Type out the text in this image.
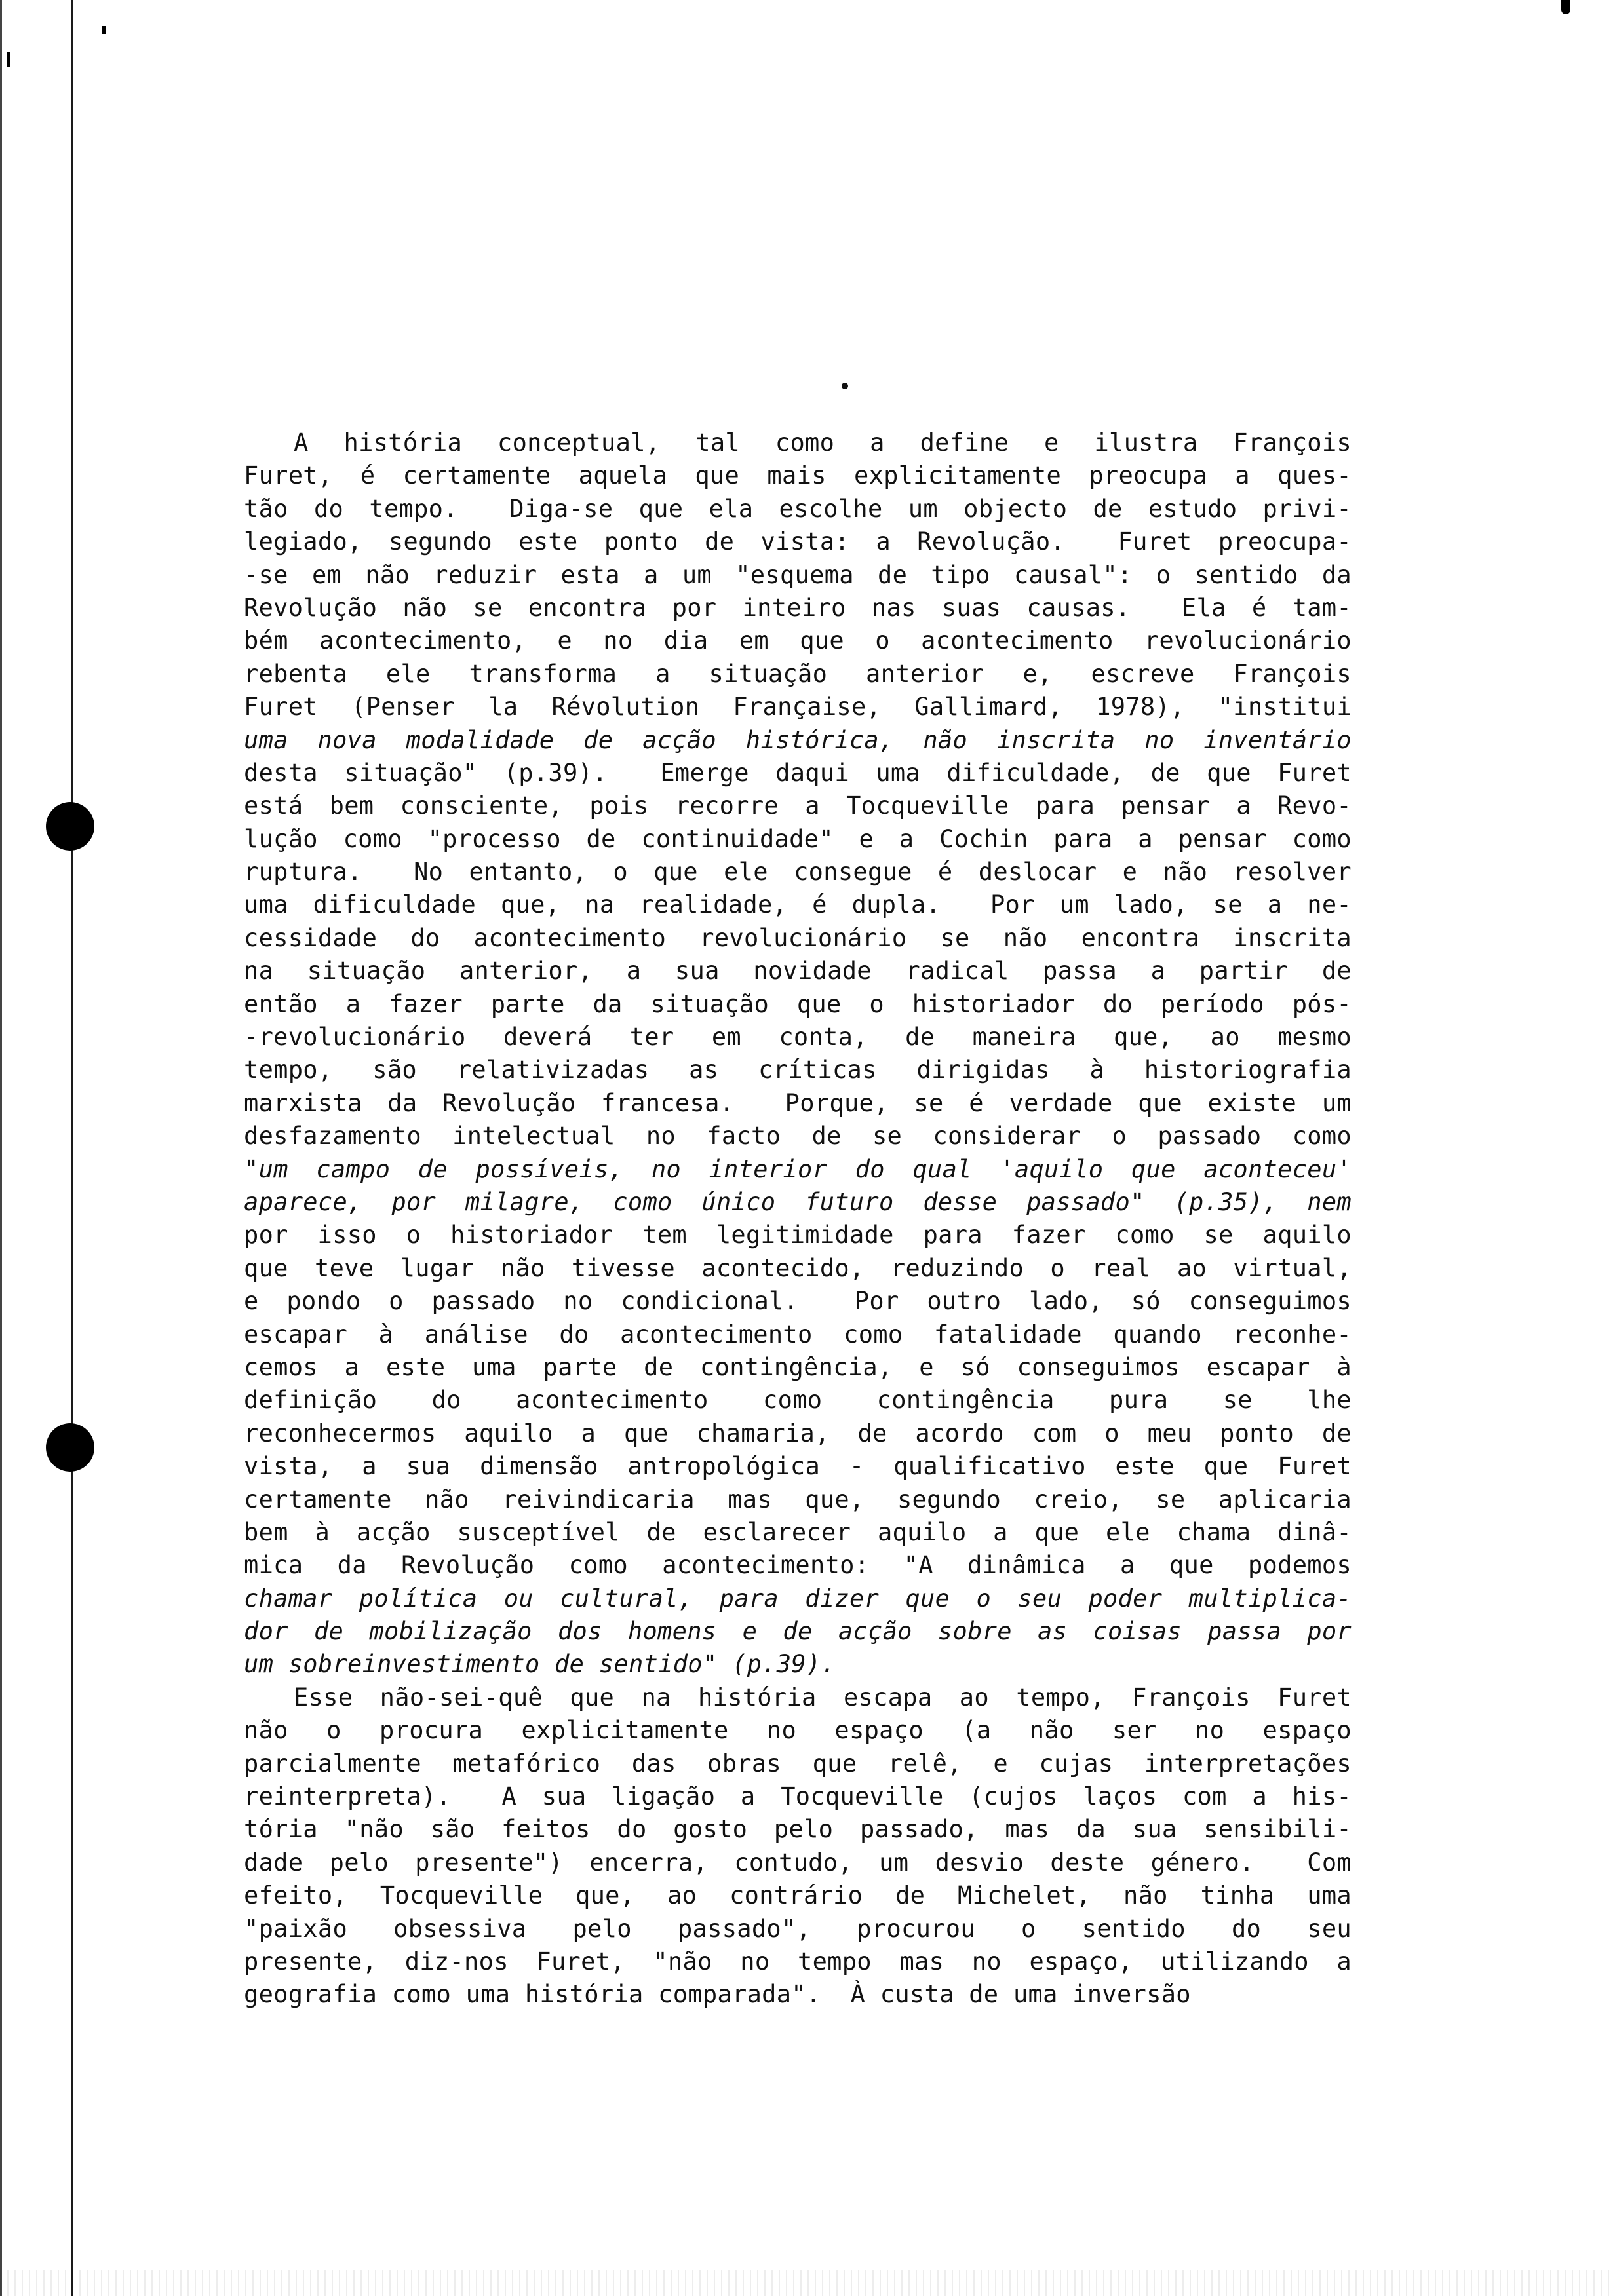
A história conceptual, tal como a define e ilustra François
Furet, é certamente aquela que mais explicitamente preocupa a ques-
tão do tempo.  Diga-se que ela escolhe um objecto de estudo privi-
legiado, segundo este ponto de vista: a Revolução.  Furet preocupa-
-se em não reduzir esta a um "esquema de tipo causal": o sentido da
Revolução não se encontra por inteiro nas suas causas.  Ela é tam-
bém acontecimento, e no dia em que o acontecimento revolucionário
rebenta ele transforma a situação anterior e, escreve François
Furet (Penser la Révolution Française, Gallimard, 1978), "institui
uma nova modalidade de acção histórica, não inscrita no inventário
desta situação" (p.39).  Emerge daqui uma dificuldade, de que Furet
está bem consciente, pois recorre a Tocqueville para pensar a Revo-
lução como "processo de continuidade" e a Cochin para a pensar como
ruptura.  No entanto, o que ele consegue é deslocar e não resolver
uma dificuldade que, na realidade, é dupla.  Por um lado, se a ne-
cessidade do acontecimento revolucionário se não encontra inscrita
na situação anterior, a sua novidade radical passa a partir de
então a fazer parte da situação que o historiador do período pós-
-revolucionário deverá ter em conta, de maneira que, ao mesmo
tempo, são relativizadas as críticas dirigidas à historiografia
marxista da Revolução francesa.  Porque, se é verdade que existe um
desfazamento intelectual no facto de se considerar o passado como
"um campo de possíveis, no interior do qual 'aquilo que aconteceu'
aparece, por milagre, como único futuro desse passado" (p.35), nem
por isso o historiador tem legitimidade para fazer como se aquilo
que teve lugar não tivesse acontecido, reduzindo o real ao virtual,
e pondo o passado no condicional.  Por outro lado, só conseguimos
escapar à análise do acontecimento como fatalidade quando reconhe-
cemos a este uma parte de contingência, e só conseguimos escapar à
definição do acontecimento como contingência pura se lhe
reconhecermos aquilo a que chamaria, de acordo com o meu ponto de
vista, a sua dimensão antropológica - qualificativo este que Furet
certamente não reivindicaria mas que, segundo creio, se aplicaria
bem à acção susceptível de esclarecer aquilo a que ele chama dinâ-
mica da Revolução como acontecimento: "A dinâmica a que podemos
chamar política ou cultural, para dizer que o seu poder multiplica-
dor de mobilização dos homens e de acção sobre as coisas passa por
um sobreinvestimento de sentido" (p.39).
Esse não-sei-quê que na história escapa ao tempo, François Furet
não o procura explicitamente no espaço (a não ser no espaço
parcialmente metafórico das obras que relê, e cujas interpretações
reinterpreta).  A sua ligação a Tocqueville (cujos laços com a his-
tória "não são feitos do gosto pelo passado, mas da sua sensibili-
dade pelo presente") encerra, contudo, um desvio deste género.  Com
efeito, Tocqueville que, ao contrário de Michelet, não tinha uma
"paixão obsessiva pelo passado", procurou o sentido do seu
presente, diz-nos Furet, "não no tempo mas no espaço, utilizando a
geografia como uma história comparada".  À custa de uma inversão
